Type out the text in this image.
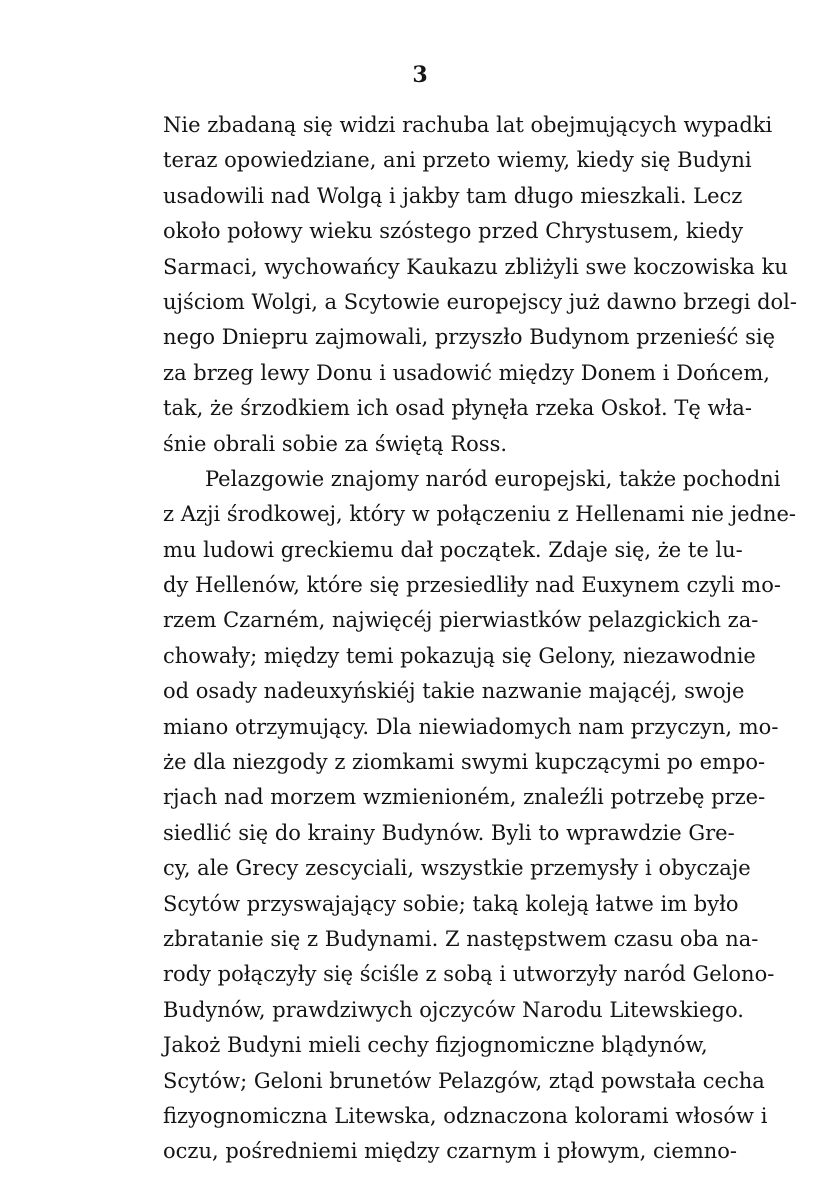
3
Nie zbadaną się widzi rachuba lat obejmujących wypadki
teraz opowiedziane, ani przeto wiemy, kiedy się Budyni
usadowili nad Wolgą i jakby tam długo mieszkali. Lecz
około połowy wieku szóstego przed Chrystusem, kiedy
Sarmaci, wychowańcy Kaukazu zbliżyli swe koczowiska ku
ujściom Wolgi, a Scytowie europejscy już dawno brzegi dol-
nego Dniepru zajmowali, przyszło Budynom przenieść się
za brzeg lewy Donu i usadowić między Donem i Dońcem,
tak, że śrzodkiem ich osad płynęła rzeka Oskoł. Tę wła-
śnie obrali sobie za świętą Ross.
Pelazgowie znajomy naród europejski, także pochodni
z Azji środkowej, który w połączeniu z Hellenami nie jedne-
mu ludowi greckiemu dał początek. Zdaje się, że te lu-
dy Hellenów, które się przesiedliły nad Euxynem czyli mo-
rzem Czarném, najwięcéj pierwiastków pelazgickich za-
chowały; między temi pokazują się Gelony, niezawodnie
od osady nadeuxyńskiéj takie nazwanie mającéj, swoje
miano otrzymujący. Dla niewiadomych nam przyczyn, mo-
że dla niezgody z ziomkami swymi kupczącymi po empo-
rjach nad morzem wzmienioném, znaleźli potrzebę prze-
siedlić się do krainy Budynów. Byli to wprawdzie Gre-
cy, ale Grecy zescyciali, wszystkie przemysły i obyczaje
Scytów przyswajający sobie; taką koleją łatwe im było
zbratanie się z Budynami. Z następstwem czasu oba na-
rody połączyły się ściśle z sobą i utworzyły naród Gelono-
Budynów, prawdziwych ojczyców Narodu Litewskiego.
Jakoż Budyni mieli cechy fizjognomiczne blądynów,
Scytów; Geloni brunetów Pelazgów, ztąd powstała cecha
fizyognomiczna Litewska, odznaczona kolorami włosów i
oczu, pośredniemi między czarnym i płowym, ciemno-
